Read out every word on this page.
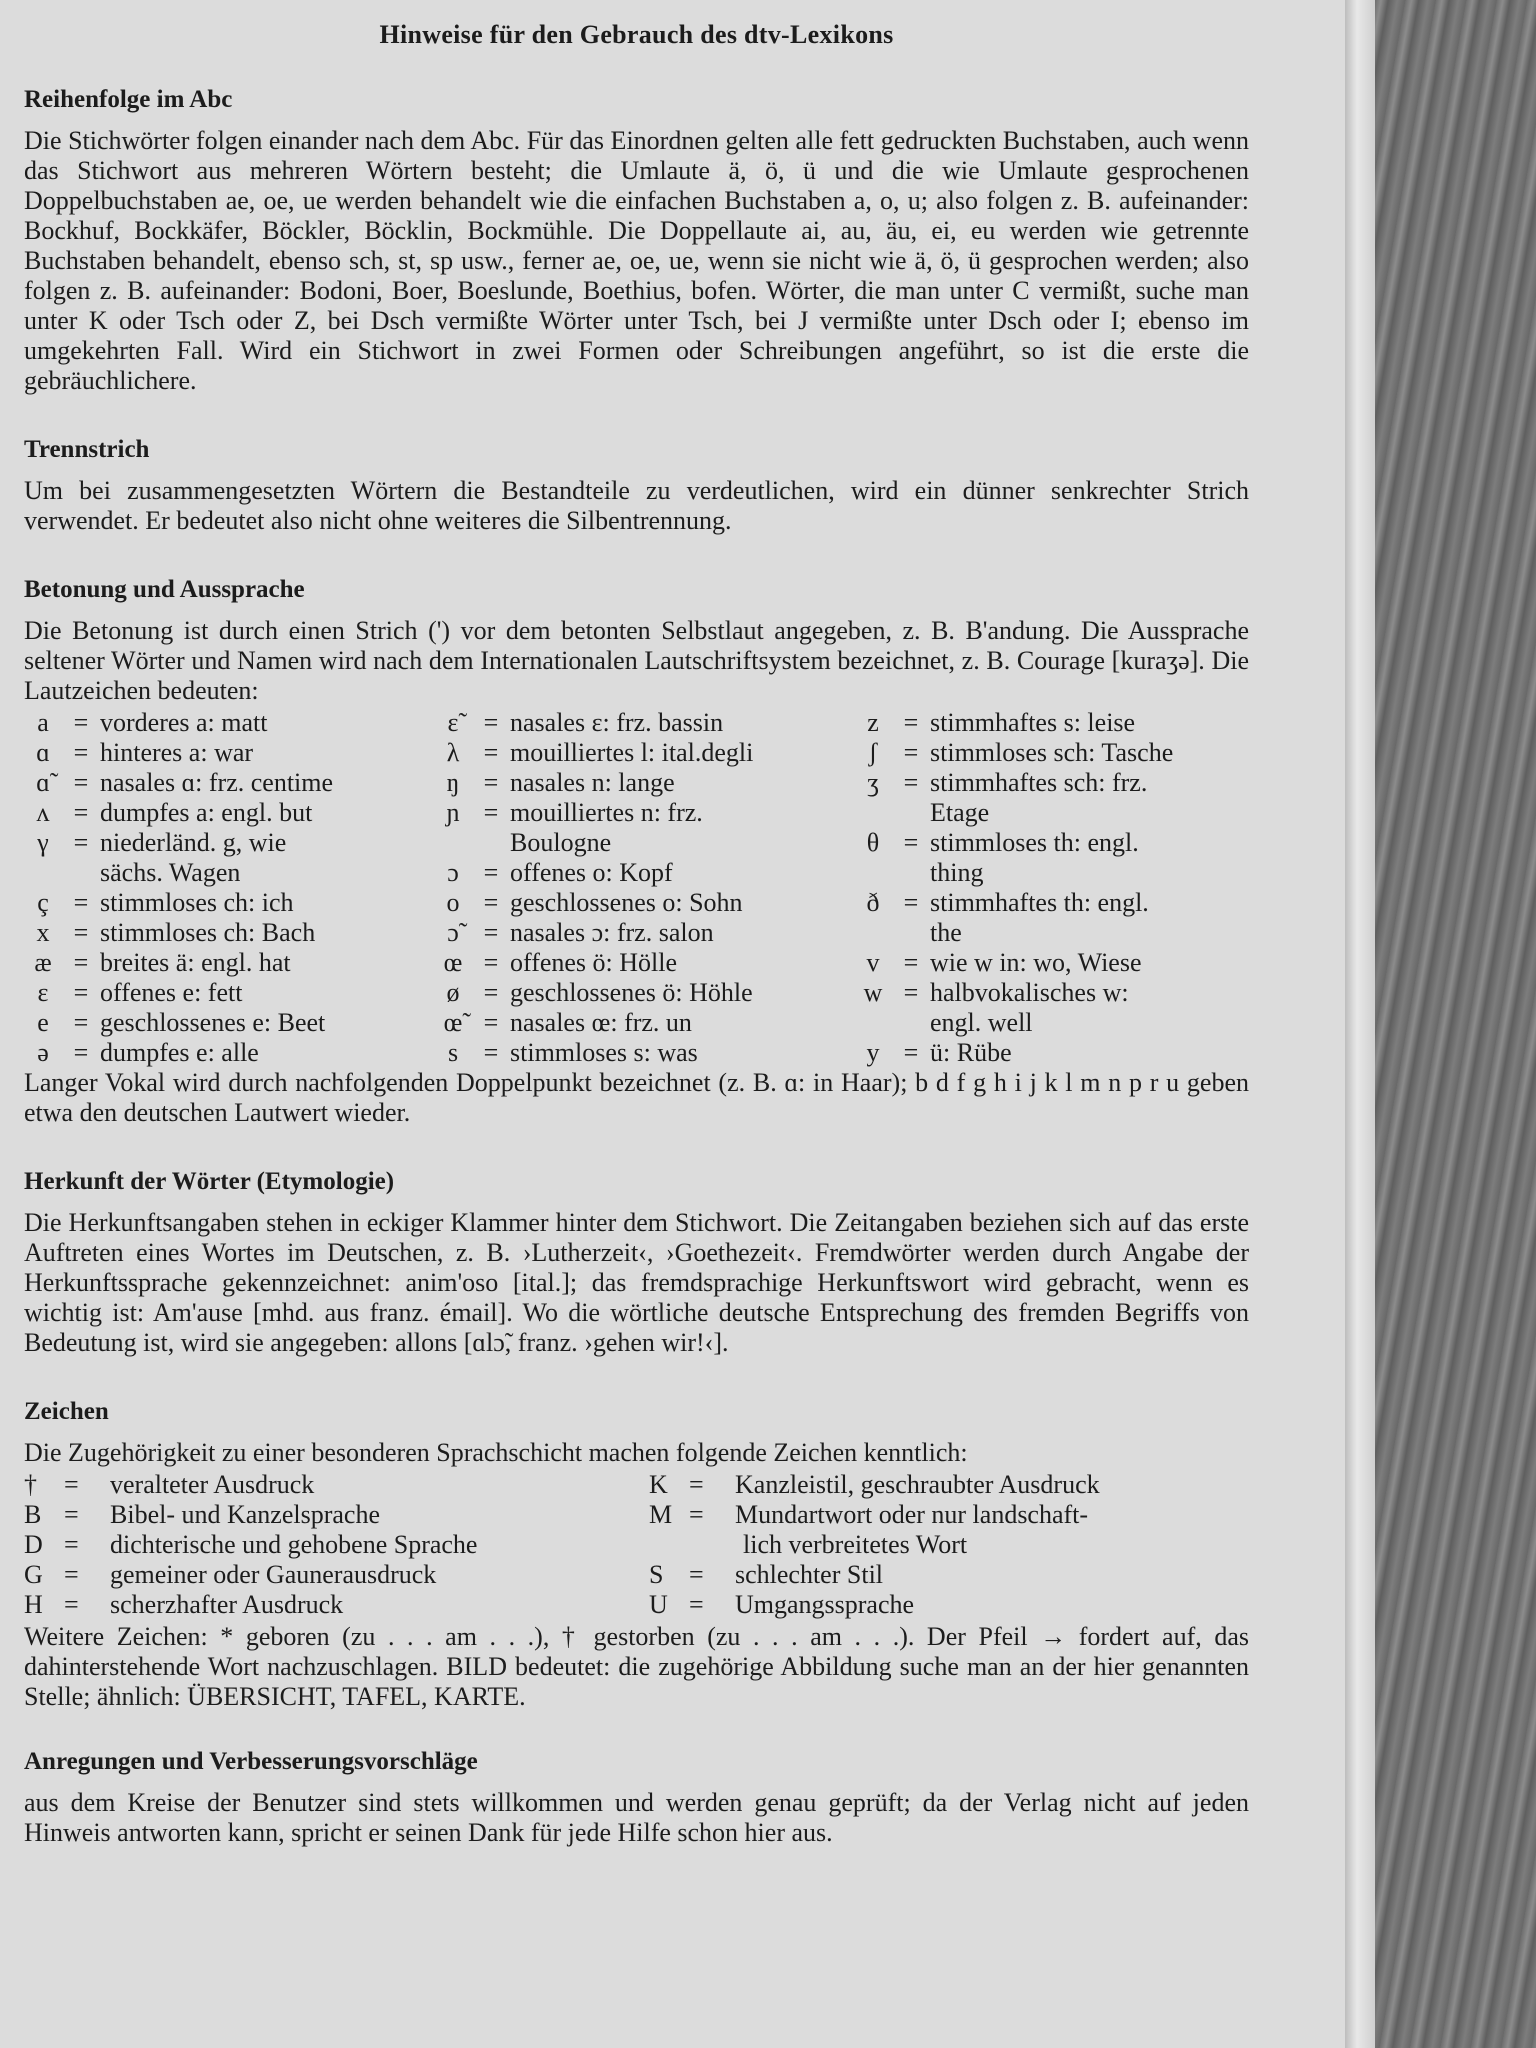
Hinweise für den Gebrauch des dtv-Lexikons
Reihenfolge im Abc

Die Stichwörter folgen einander nach dem Abc. Für das Einordnen gelten alle fett gedruckten Buchstaben, auch wenn das Stichwort aus mehreren Wörtern besteht; die Umlaute ä, ö, ü und die wie Umlaute gesprochenen Doppelbuchstaben ae, oe, ue werden behandelt wie die einfachen Buchstaben a, o, u; also folgen z. B. aufeinander: Bockhuf, Bockkäfer, Böckler, Böcklin, Bockmühle. Die Doppellaute ai, au, äu, ei, eu werden wie getrennte Buchstaben behandelt, ebenso sch, st, sp usw., ferner ae, oe, ue, wenn sie nicht wie ä, ö, ü gesprochen werden; also folgen z. B. aufeinander: Bodoni, Boer, Boeslunde, Boethius, bofen. Wörter, die man unter C vermißt, suche man unter K oder Tsch oder Z, bei Dsch vermißte Wörter unter Tsch, bei J vermißte unter Dsch oder I; ebenso im umgekehrten Fall. Wird ein Stichwort in zwei Formen oder Schreibungen angeführt, so ist die erste die gebräuchlichere.

Trennstrich

Um bei zusammengesetzten Wörtern die Bestandteile zu verdeutlichen, wird ein dünner senkrechter Strich verwendet. Er bedeutet also nicht ohne weiteres die Silbentrennung.

Betonung und Aussprache

Die Betonung ist durch einen Strich (') vor dem betonten Selbstlaut angegeben, z. B. B'andung. Die Aussprache seltener Wörter und Namen wird nach dem Internationalen Lautschriftsystem bezeichnet, z. B. Courage [kuraʒə]. Die Lautzeichen bedeuten:

a = vorderes a: matt
ɑ = hinteres a: war
ɑ̃ = nasales ɑ: frz. centime
ʌ = dumpfes a: engl. but
γ = niederländ. g, wie
sächs. Wagen
ç = stimmloses ch: ich
x = stimmloses ch: Bach
æ = breites ä: engl. hat
ɛ = offenes e: fett
e = geschlossenes e: Beet
ə = dumpfes e: alle
ɛ̃ = nasales ɛ: frz. bassin
λ = mouilliertes l: ital.degli
ŋ = nasales n: lange
ɲ = mouilliertes n: frz.
Boulogne
ɔ = offenes o: Kopf
o = geschlossenes o: Sohn
ɔ̃ = nasales ɔ: frz. salon
œ = offenes ö: Hölle
ø = geschlossenes ö: Höhle
œ̃ = nasales œ: frz. un
s = stimmloses s: was
z = stimmhaftes s: leise
ʃ = stimmloses sch: Tasche
ʒ = stimmhaftes sch: frz.
Etage
θ = stimmloses th: engl.
thing
ð = stimmhaftes th: engl.
the
v = wie w in: wo, Wiese
w = halbvokalisches w:
engl. well
y = ü: Rübe

Langer Vokal wird durch nachfolgenden Doppelpunkt bezeichnet (z. B. ɑ: in Haar); b d f g h i j k l m n p r u geben etwa den deutschen Lautwert wieder.

Herkunft der Wörter (Etymologie)

Die Herkunftsangaben stehen in eckiger Klammer hinter dem Stichwort. Die Zeitangaben beziehen sich auf das erste Auftreten eines Wortes im Deutschen, z. B. ›Lutherzeit‹, ›Goethezeit‹. Fremdwörter werden durch Angabe der Herkunftssprache gekennzeichnet: anim'oso [ital.]; das fremdsprachige Herkunftswort wird gebracht, wenn es wichtig ist: Am'ause [mhd. aus franz. émail]. Wo die wörtliche deutsche Entsprechung des fremden Begriffs von Bedeutung ist, wird sie angegeben: allons [ɑlɔ̃, franz. ›gehen wir!‹].

Zeichen

Die Zugehörigkeit zu einer besonderen Sprachschicht machen folgende Zeichen kenntlich:

† = veralteter Ausdruck
B = Bibel- und Kanzelsprache
D = dichterische und gehobene Sprache
G = gemeiner oder Gaunerausdruck
H = scherzhafter Ausdruck
K = Kanzleistil, geschraubter Ausdruck
M = Mundartwort oder nur landschaft-
lich verbreitetes Wort
S = schlechter Stil
U = Umgangssprache

Weitere Zeichen: * geboren (zu . . . am . . .), † gestorben (zu . . . am . . .). Der Pfeil → fordert auf, das dahinterstehende Wort nachzuschlagen. BILD bedeutet: die zugehörige Abbildung suche man an der hier genannten Stelle; ähnlich: ÜBERSICHT, TAFEL, KARTE.

Anregungen und Verbesserungsvorschläge

aus dem Kreise der Benutzer sind stets willkommen und werden genau geprüft; da der Verlag nicht auf jeden Hinweis antworten kann, spricht er seinen Dank für jede Hilfe schon hier aus.
